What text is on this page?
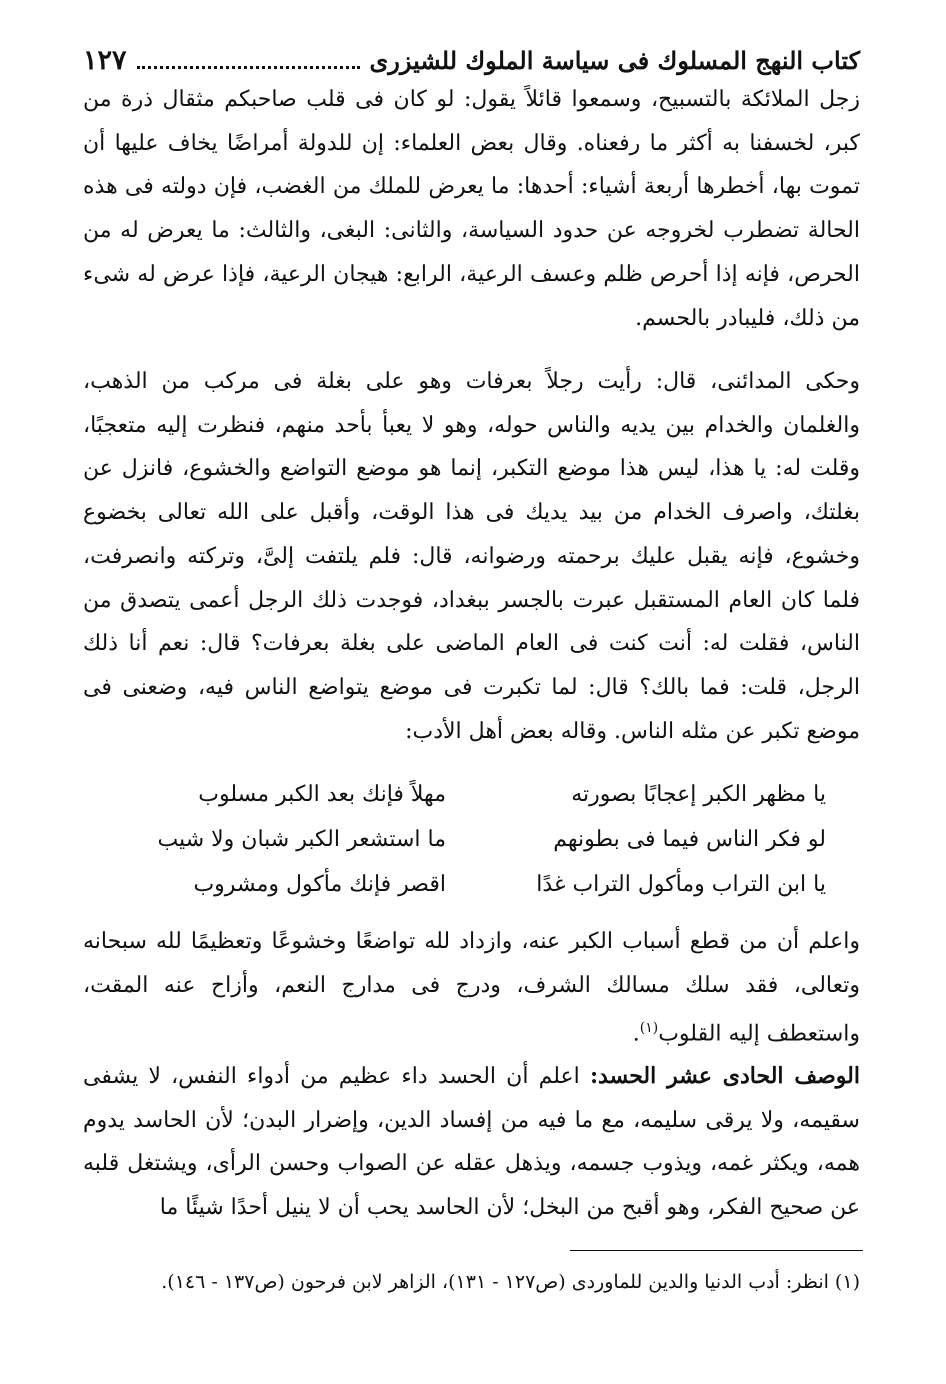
كتاب النهج المسلوك فى سياسة الملوك للشيزرى
١٢٧

زجل الملائكة بالتسبيح، وسمعوا قائلاً يقول: لو كان فى قلب صاحبكم مثقال ذرة من كبر، لخسفنا به أكثر ما رفعناه. وقال بعض العلماء: إن للدولة أمراضًا يخاف عليها أن تموت بها، أخطرها أربعة أشياء: أحدها: ما يعرض للملك من الغضب، فإن دولته فى هذه الحالة تضطرب لخروجه عن حدود السياسة، والثانى: البغى، والثالث: ما يعرض له من الحرص، فإنه إذا أحرص ظلم وعسف الرعية، الرابع: هيجان الرعية، فإذا عرض له شىء من ذلك، فليبادر بالحسم.

وحكى المدائنى، قال: رأيت رجلاً بعرفات وهو على بغلة فى مركب من الذهب، والغلمان والخدام بين يديه والناس حوله، وهو لا يعبأ بأحد منهم، فنظرت إليه متعجبًا، وقلت له: يا هذا، ليس هذا موضع التكبر، إنما هو موضع التواضع والخشوع، فانزل عن بغلتك، واصرف الخدام من بيد يديك فى هذا الوقت، وأقبل على الله تعالى بخضوع وخشوع، فإنه يقبل عليك برحمته ورضوانه، قال: فلم يلتفت إلىَّ، وتركته وانصرفت، فلما كان العام المستقبل عبرت بالجسر ببغداد، فوجدت ذلك الرجل أعمى يتصدق من الناس، فقلت له: أنت كنت فى العام الماضى على بغلة بعرفات؟ قال: نعم أنا ذلك الرجل، قلت: فما بالك؟ قال: لما تكبرت فى موضع يتواضع الناس فيه، وضعنى فى موضع تكبر عن مثله الناس. وقاله بعض أهل الأدب:

يا مظهر الكبر إعجابًا بصورته
مهلاً فإنك بعد الكبر مسلوب
لو فكر الناس فيما فى بطونهم
ما استشعر الكبر شبان ولا شيب
يا ابن التراب ومأكول التراب غدًا
اقصر فإنك مأكول ومشروب

واعلم أن من قطع أسباب الكبر عنه، وازداد لله تواضعًا وخشوعًا وتعظيمًا لله سبحانه وتعالى، فقد سلك مسالك الشرف، ودرج فى مدارج النعم، وأزاح عنه المقت، واستعطف إليه القلوب$^{(١)}$.

الوصف الحادى عشر الحسد: اعلم أن الحسد داء عظيم من أدواء النفس، لا يشفى سقيمه، ولا يرقى سليمه، مع ما فيه من إفساد الدين، وإضرار البدن؛ لأن الحاسد يدوم همه، ويكثر غمه، ويذوب جسمه، ويذهل عقله عن الصواب وحسن الرأى، ويشتغل قلبه عن صحيح الفكر، وهو أقبح من البخل؛ لأن الحاسد يحب أن لا ينيل أحدًا شيئًا ما

(١) انظر: أدب الدنيا والدين للماوردى (ص١٢٧ - ١٣١)، الزاهر لابن فرحون (ص١٣٧ - ١٤٦).
